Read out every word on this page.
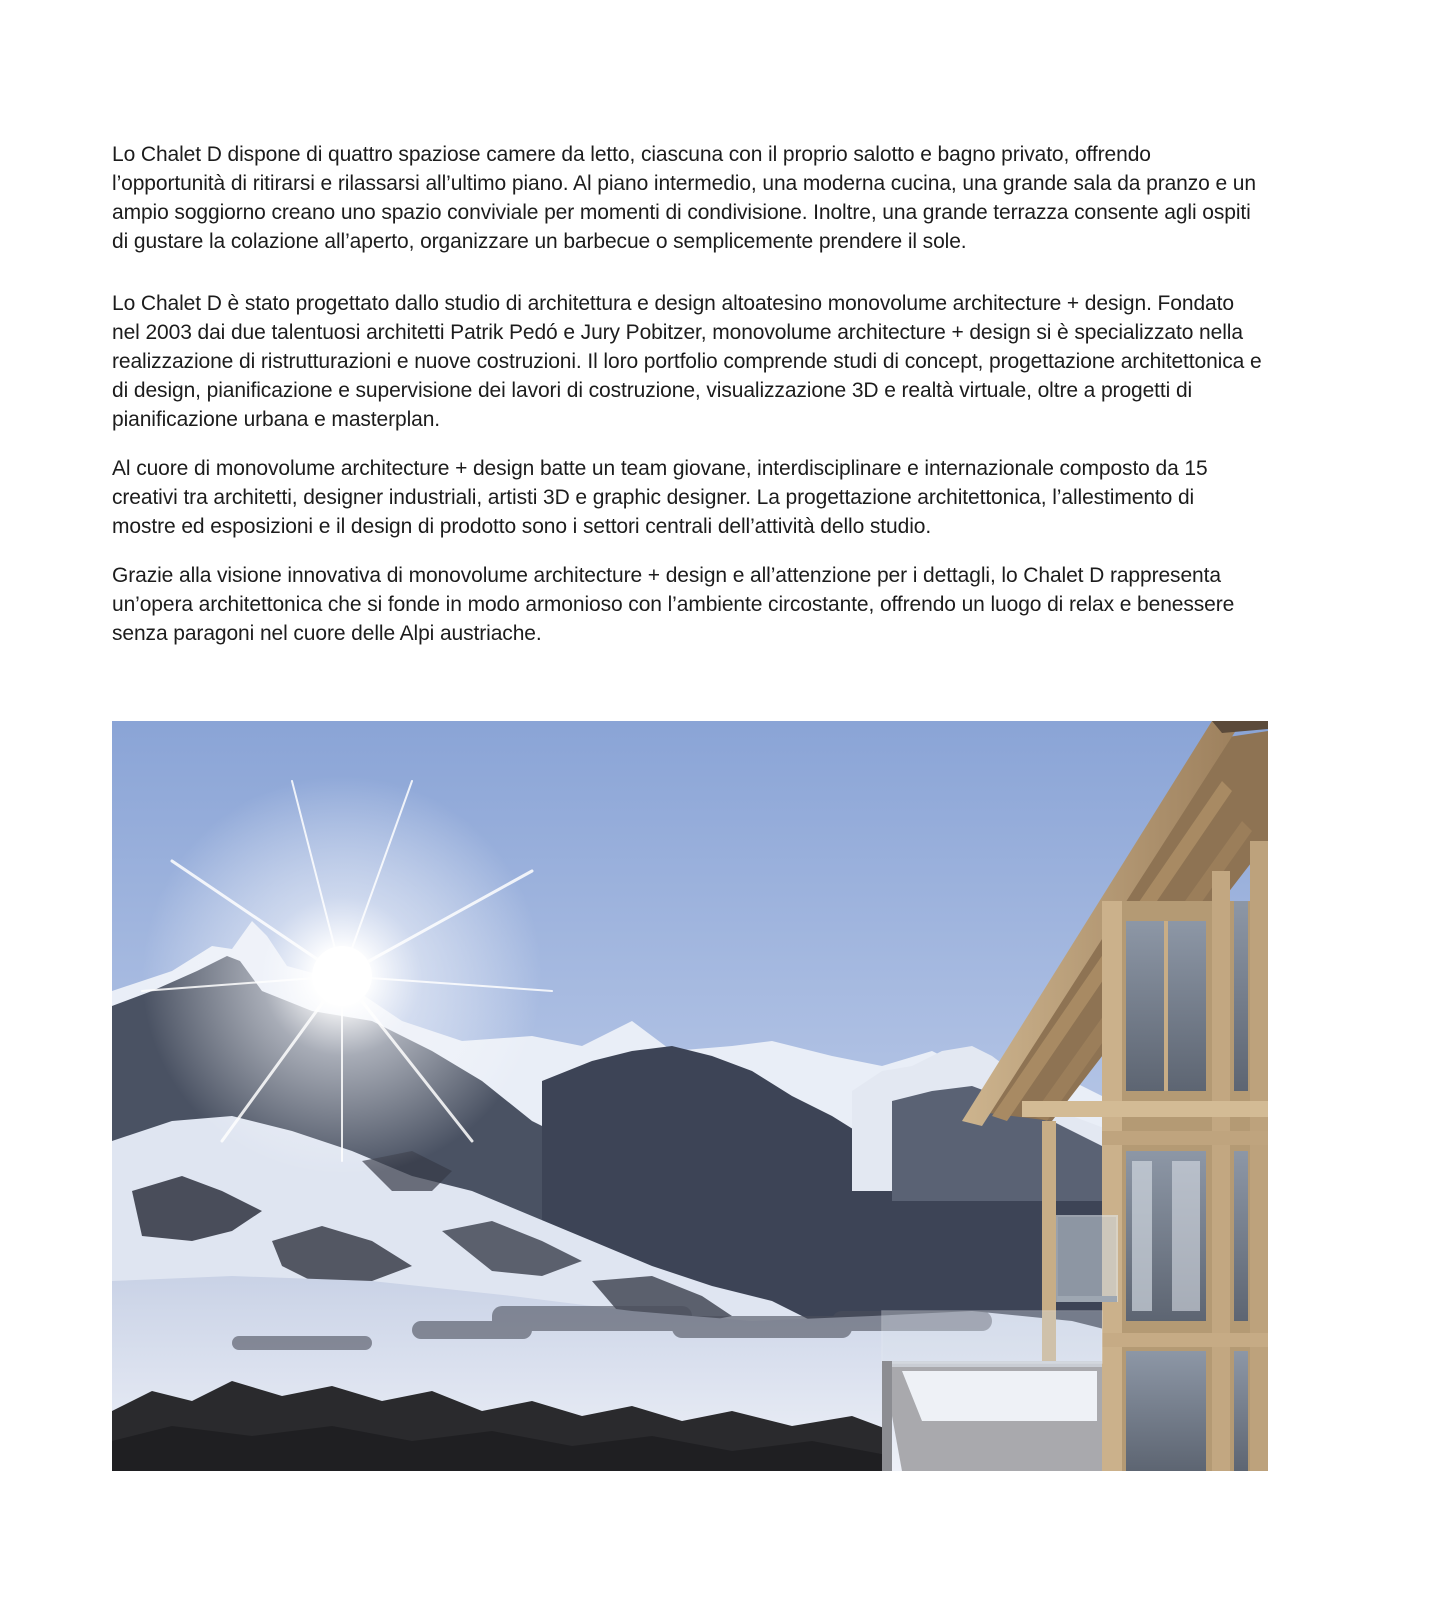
Lo Chalet D dispone di quattro spaziose camere da letto, ciascuna con il proprio salotto e bagno privato, offrendo l’opportunità di ritirarsi e rilassarsi all’ultimo piano. Al piano intermedio, una moderna cucina, una grande sala da pranzo e un ampio soggiorno creano uno spazio conviviale per momenti di condivisione. Inoltre, una grande terrazza consente agli ospiti di gustare la colazione all’aperto, organizzare un barbecue o semplicemente prendere il sole.

Lo Chalet D è stato progettato dallo studio di architettura e design altoatesino monovolume architecture + design. Fondato nel 2003 dai due talentuosi architetti Patrik Pedó e Jury Pobitzer, monovolume architecture + design si è specializzato nella realizzazione di ristrutturazioni e nuove costruzioni. Il loro portfolio comprende studi di concept, progettazione architettonica e di design, pianificazione e supervisione dei lavori di costruzione, visualizzazione 3D e realtà virtuale, oltre a progetti di pianificazione urbana e masterplan.

Al cuore di monovolume architecture + design batte un team giovane, interdisciplinare e internazionale composto da 15 creativi tra architetti, designer industriali, artisti 3D e graphic designer. La progettazione architettonica, l’allestimento di mostre ed esposizioni e il design di prodotto sono i settori centrali dell’attività dello studio.

Grazie alla visione innovativa di monovolume architecture + design e all’attenzione per i dettagli, lo Chalet D rappresenta un’opera architettonica che si fonde in modo armonioso con l’ambiente circostante, offrendo un luogo di relax e benessere senza paragoni nel cuore delle Alpi austriache.
